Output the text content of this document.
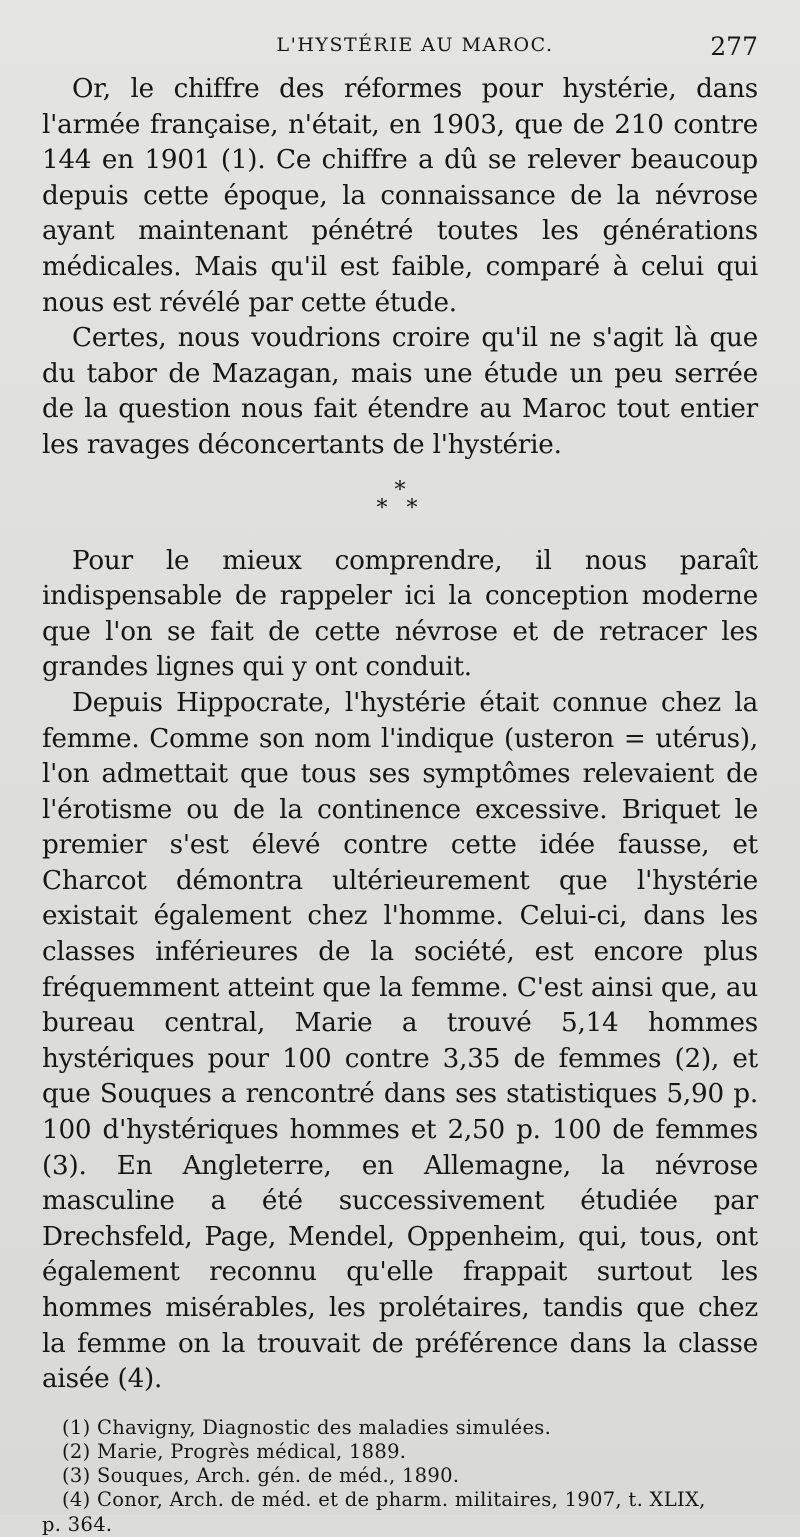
L'HYSTÉRIE AU MAROC.	277

Or, le chiffre des réformes pour hystérie, dans l'armée française, n'était, en 1903, que de 210 contre 144 en 1901 (1). Ce chiffre a dû se relever beaucoup depuis cette époque, la connaissance de la névrose ayant maintenant pénétré toutes les générations médicales. Mais qu'il est faible, comparé à celui qui nous est révélé par cette étude.

Certes, nous voudrions croire qu'il ne s'agit là que du tabor de Mazagan, mais une étude un peu serrée de la question nous fait étendre au Maroc tout entier les ravages déconcertants de l'hystérie.

*
* *

Pour le mieux comprendre, il nous paraît indispensable de rappeler ici la conception moderne que l'on se fait de cette névrose et de retracer les grandes lignes qui y ont conduit.

Depuis Hippocrate, l'hystérie était connue chez la femme. Comme son nom l'indique (usteron = utérus), l'on admettait que tous ses symptômes relevaient de l'érotisme ou de la continence excessive. Briquet le premier s'est élevé contre cette idée fausse, et Charcot démontra ultérieurement que l'hystérie existait également chez l'homme. Celui-ci, dans les classes inférieures de la société, est encore plus fréquemment atteint que la femme. C'est ainsi que, au bureau central, Marie a trouvé 5,14 hommes hystériques pour 100 contre 3,35 de femmes (2), et que Souques a rencontré dans ses statistiques 5,90 p. 100 d'hystériques hommes et 2,50 p. 100 de femmes (3). En Angleterre, en Allemagne, la névrose masculine a été successivement étudiée par Drechsfeld, Page, Mendel, Oppenheim, qui, tous, ont également reconnu qu'elle frappait surtout les hommes misérables, les prolétaires, tandis que chez la femme on la trouvait de préférence dans la classe aisée (4).

(1) Chavigny, Diagnostic des maladies simulées.

(2) Marie, Progrès médical, 1889.

(3) Souques, Arch. gén. de méd., 1890.

(4) Conor, Arch. de méd. et de pharm. militaires, 1907, t. XLIX,

p. 364.
